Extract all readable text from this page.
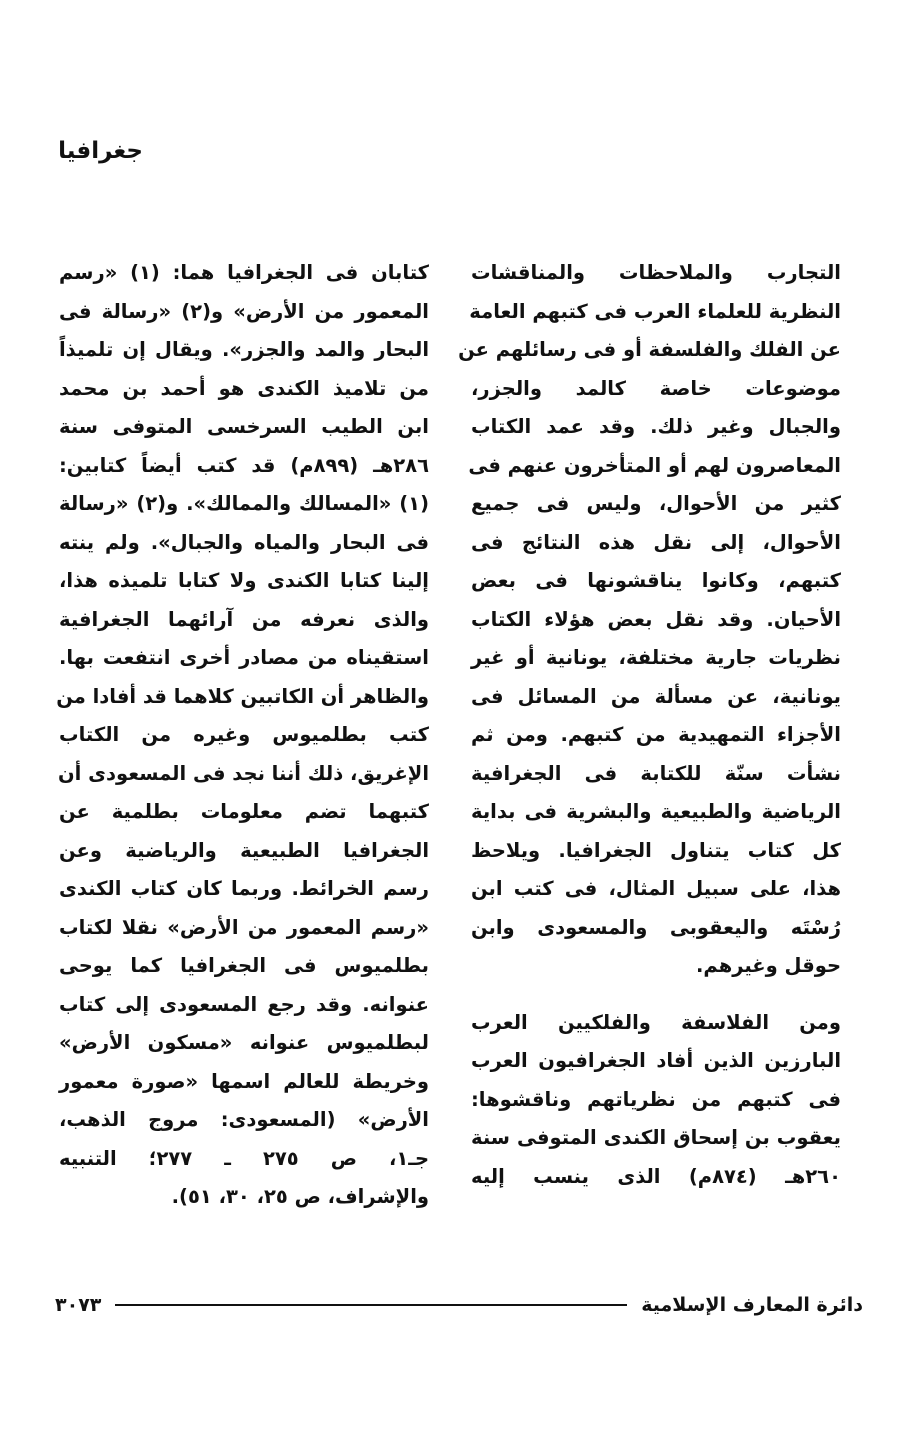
جغرافيا

التجارب والملاحظات والمناقشات
النظرية للعلماء العرب فى كتبهم العامة
عن الفلك والفلسفة أو فى رسائلهم عن
موضوعات خاصة كالمد والجزر،
والجبال وغير ذلك. وقد عمد الكتاب
المعاصرون لهم أو المتأخرون عنهم فى
كثير من الأحوال، وليس فى جميع
الأحوال، إلى نقل هذه النتائج فى
كتبهم، وكانوا يناقشونها فى بعض
الأحيان. وقد نقل بعض هؤلاء الكتاب
نظريات جارية مختلفة، يونانية أو غير
يونانية، عن مسألة من المسائل فى
الأجزاء التمهيدية من كتبهم. ومن ثم
نشأت سنّة للكتابة فى الجغرافية
الرياضية والطبيعية والبشرية فى بداية
كل كتاب يتناول الجغرافيا. ويلاحظ
هذا، على سبيل المثال، فى كتب ابن
رُسْتَه واليعقوبى والمسعودى وابن
حوقل وغيرهم.

ومن الفلاسفة والفلكيين العرب
البارزين الذين أفاد الجغرافيون العرب
فى كتبهم من نظرياتهم وناقشوها:
يعقوب بن إسحاق الكندى المتوفى سنة
٢٦٠هـ (٨٧٤م) الذى ينسب إليه

كتابان فى الجغرافيا هما: (١) «رسم
المعمور من الأرض» و(٢) «رسالة فى
البحار والمد والجزر». ويقال إن تلميذاً
من تلاميذ الكندى هو أحمد بن محمد
ابن الطيب السرخسى المتوفى سنة
٢٨٦هـ (٨٩٩م) قد كتب أيضاً كتابين:
(١) «المسالك والممالك». و(٢) «رسالة
فى البحار والمياه والجبال». ولم ينته
إلينا كتابا الكندى ولا كتابا تلميذه هذا،
والذى نعرفه من آرائهما الجغرافية
استقيناه من مصادر أخرى انتفعت بها.
والظاهر أن الكاتبين كلاهما قد أفادا من
كتب بطلميوس وغيره من الكتاب
الإغريق، ذلك أننا نجد فى المسعودى أن
كتبهما تضم معلومات بطلمية عن
الجغرافيا الطبيعية والرياضية وعن
رسم الخرائط. وربما كان كتاب الكندى
«رسم المعمور من الأرض» نقلا لكتاب
بطلميوس فى الجغرافيا كما يوحى
عنوانه. وقد رجع المسعودى إلى كتاب
لبطلميوس عنوانه «مسكون الأرض»
وخريطة للعالم اسمها «صورة معمور
الأرض» (المسعودى: مروج الذهب،
جـ١، ص ٢٧٥ ـ ٢٧٧؛ التنبيه
والإشراف، ص ٢٥، ٣٠، ٥١).

دائرة المعارف الإسلامية
٣٠٧٣
